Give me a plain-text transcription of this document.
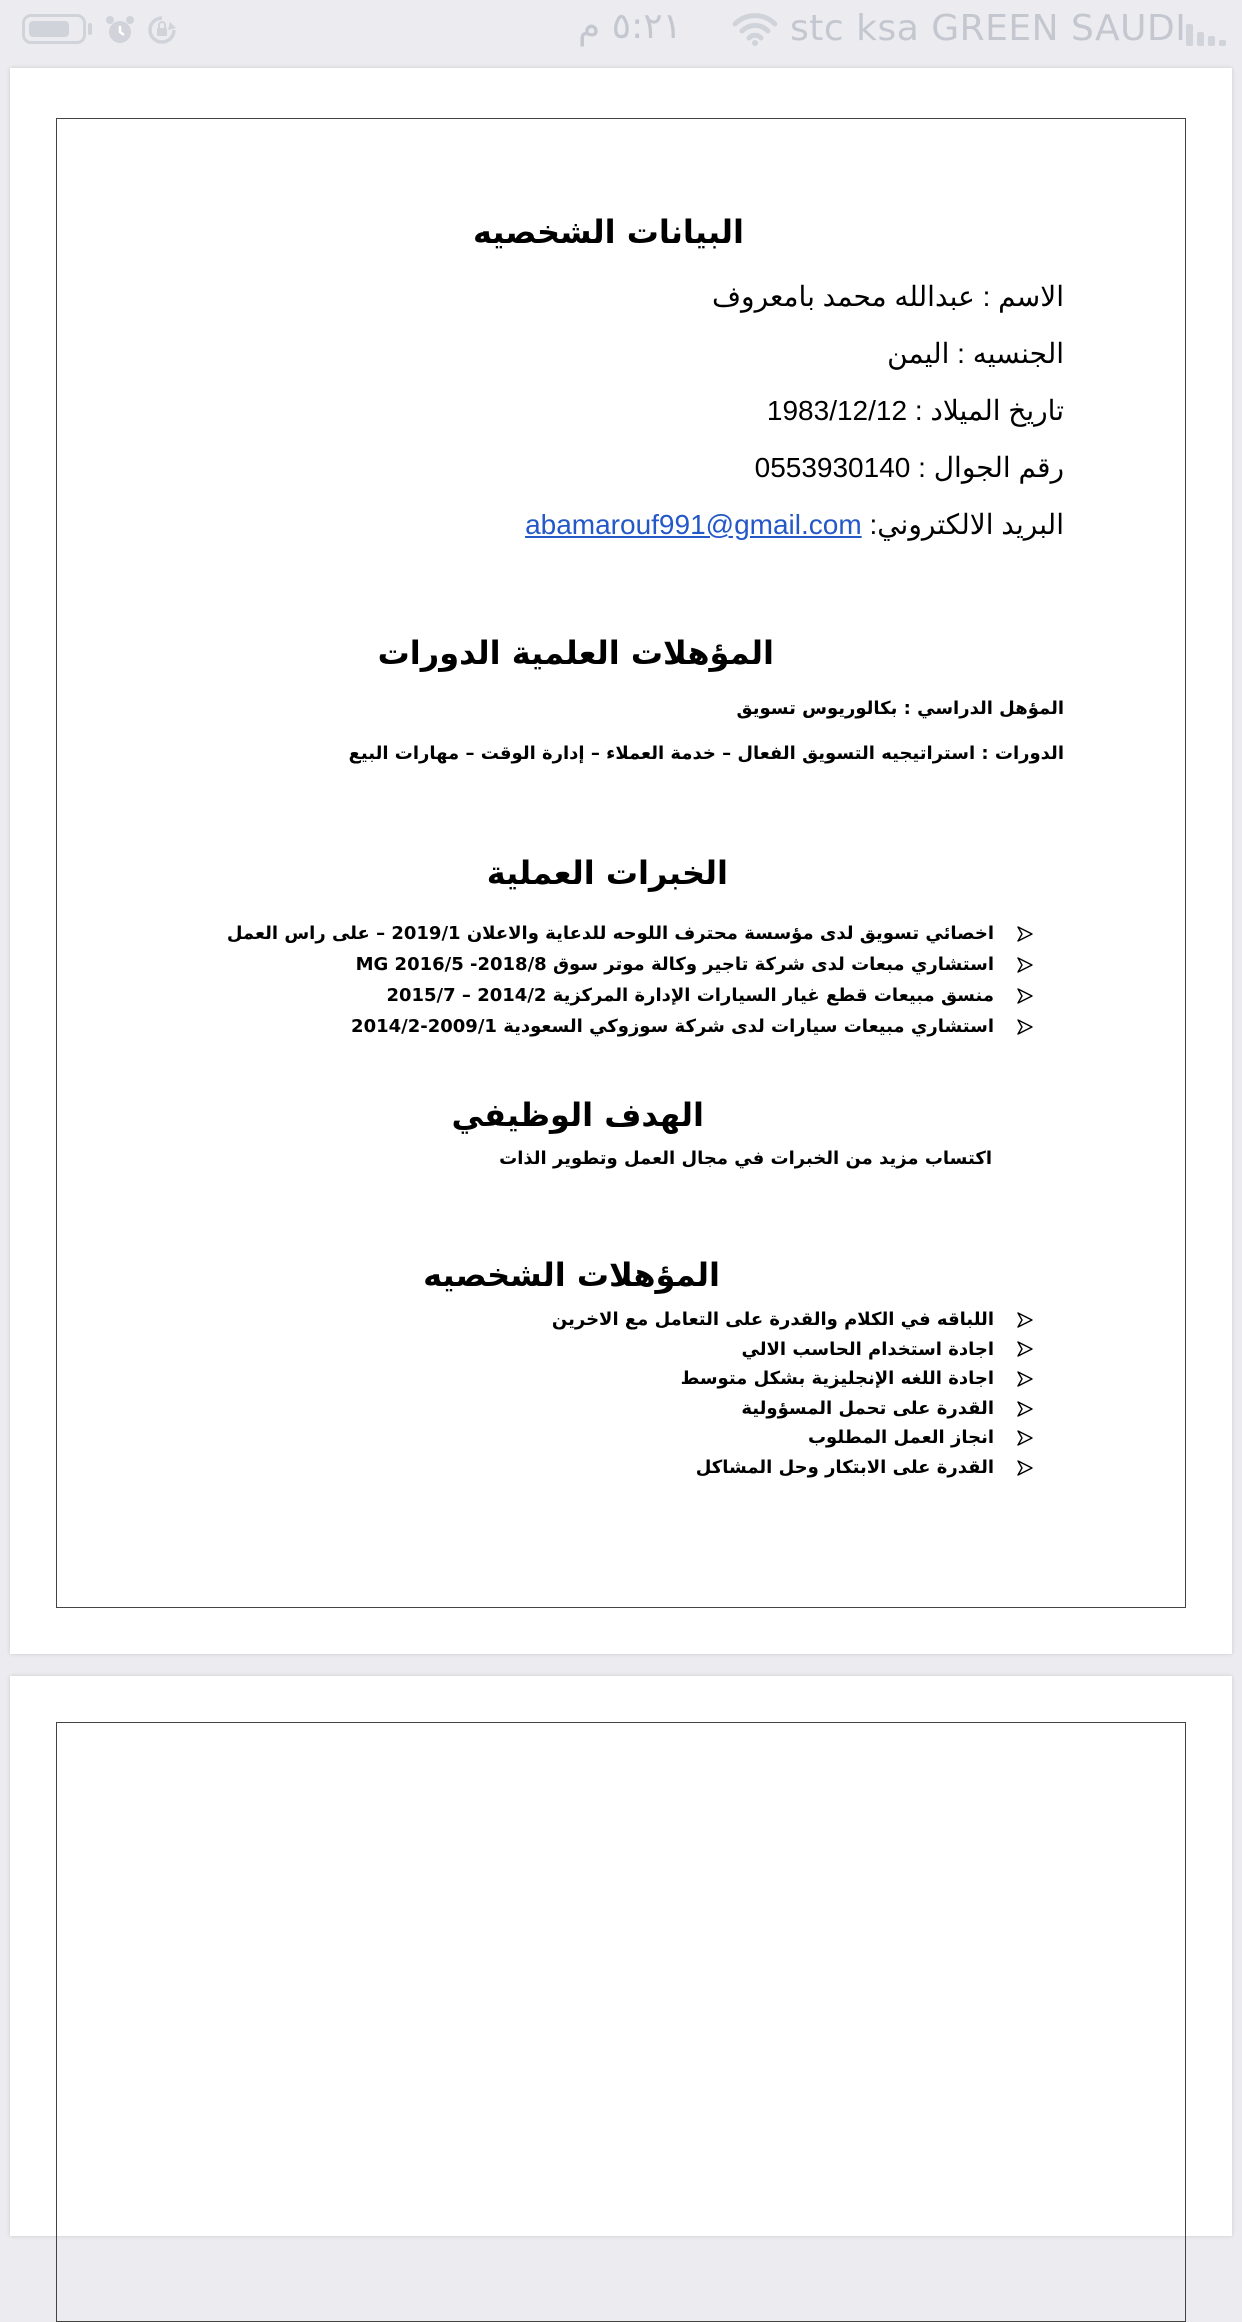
٥:٢١ م	stc ksa GREEN SAUDI
البيانات الشخصيه
الاسم : عبدالله محمد بامعروف
الجنسيه : اليمن
تاريخ الميلاد : 1983/12/12
رقم الجوال : 0553930140
البريد الالكتروني: abamarouf991@gmail.com
المؤهلات العلمية الدورات
المؤهل الدراسي : بكالوريوس تسويق
الدورات : استراتيجيه التسويق الفعال – خدمة العملاء – إدارة الوقت – مهارات البيع
الخبرات العملية
اخصائي تسويق لدى مؤسسة محترف اللوحه للدعاية والاعلان 2019/1 – على راس العمل
استشاري مبعات لدى شركة تاجير وكالة موتر سوق MG 2016/5 -2018/8
منسق مبيعات قطع غيار السيارات الإدارة المركزية 2014/2 – 2015/7
استشاري مبيعات سيارات لدى شركة سوزوكي السعودية 2009/1-2014/2
الهدف الوظيفي
اكتساب مزيد من الخبرات في مجال العمل وتطوير الذات
المؤهلات الشخصيه
اللباقه في الكلام والقدرة على التعامل مع الاخرين
اجادة استخدام الحاسب الالي
اجادة اللغه الإنجليزية بشكل متوسط
القدرة على تحمل المسؤولية
انجاز العمل المطلوب
القدرة على الابتكار وحل المشاكل
